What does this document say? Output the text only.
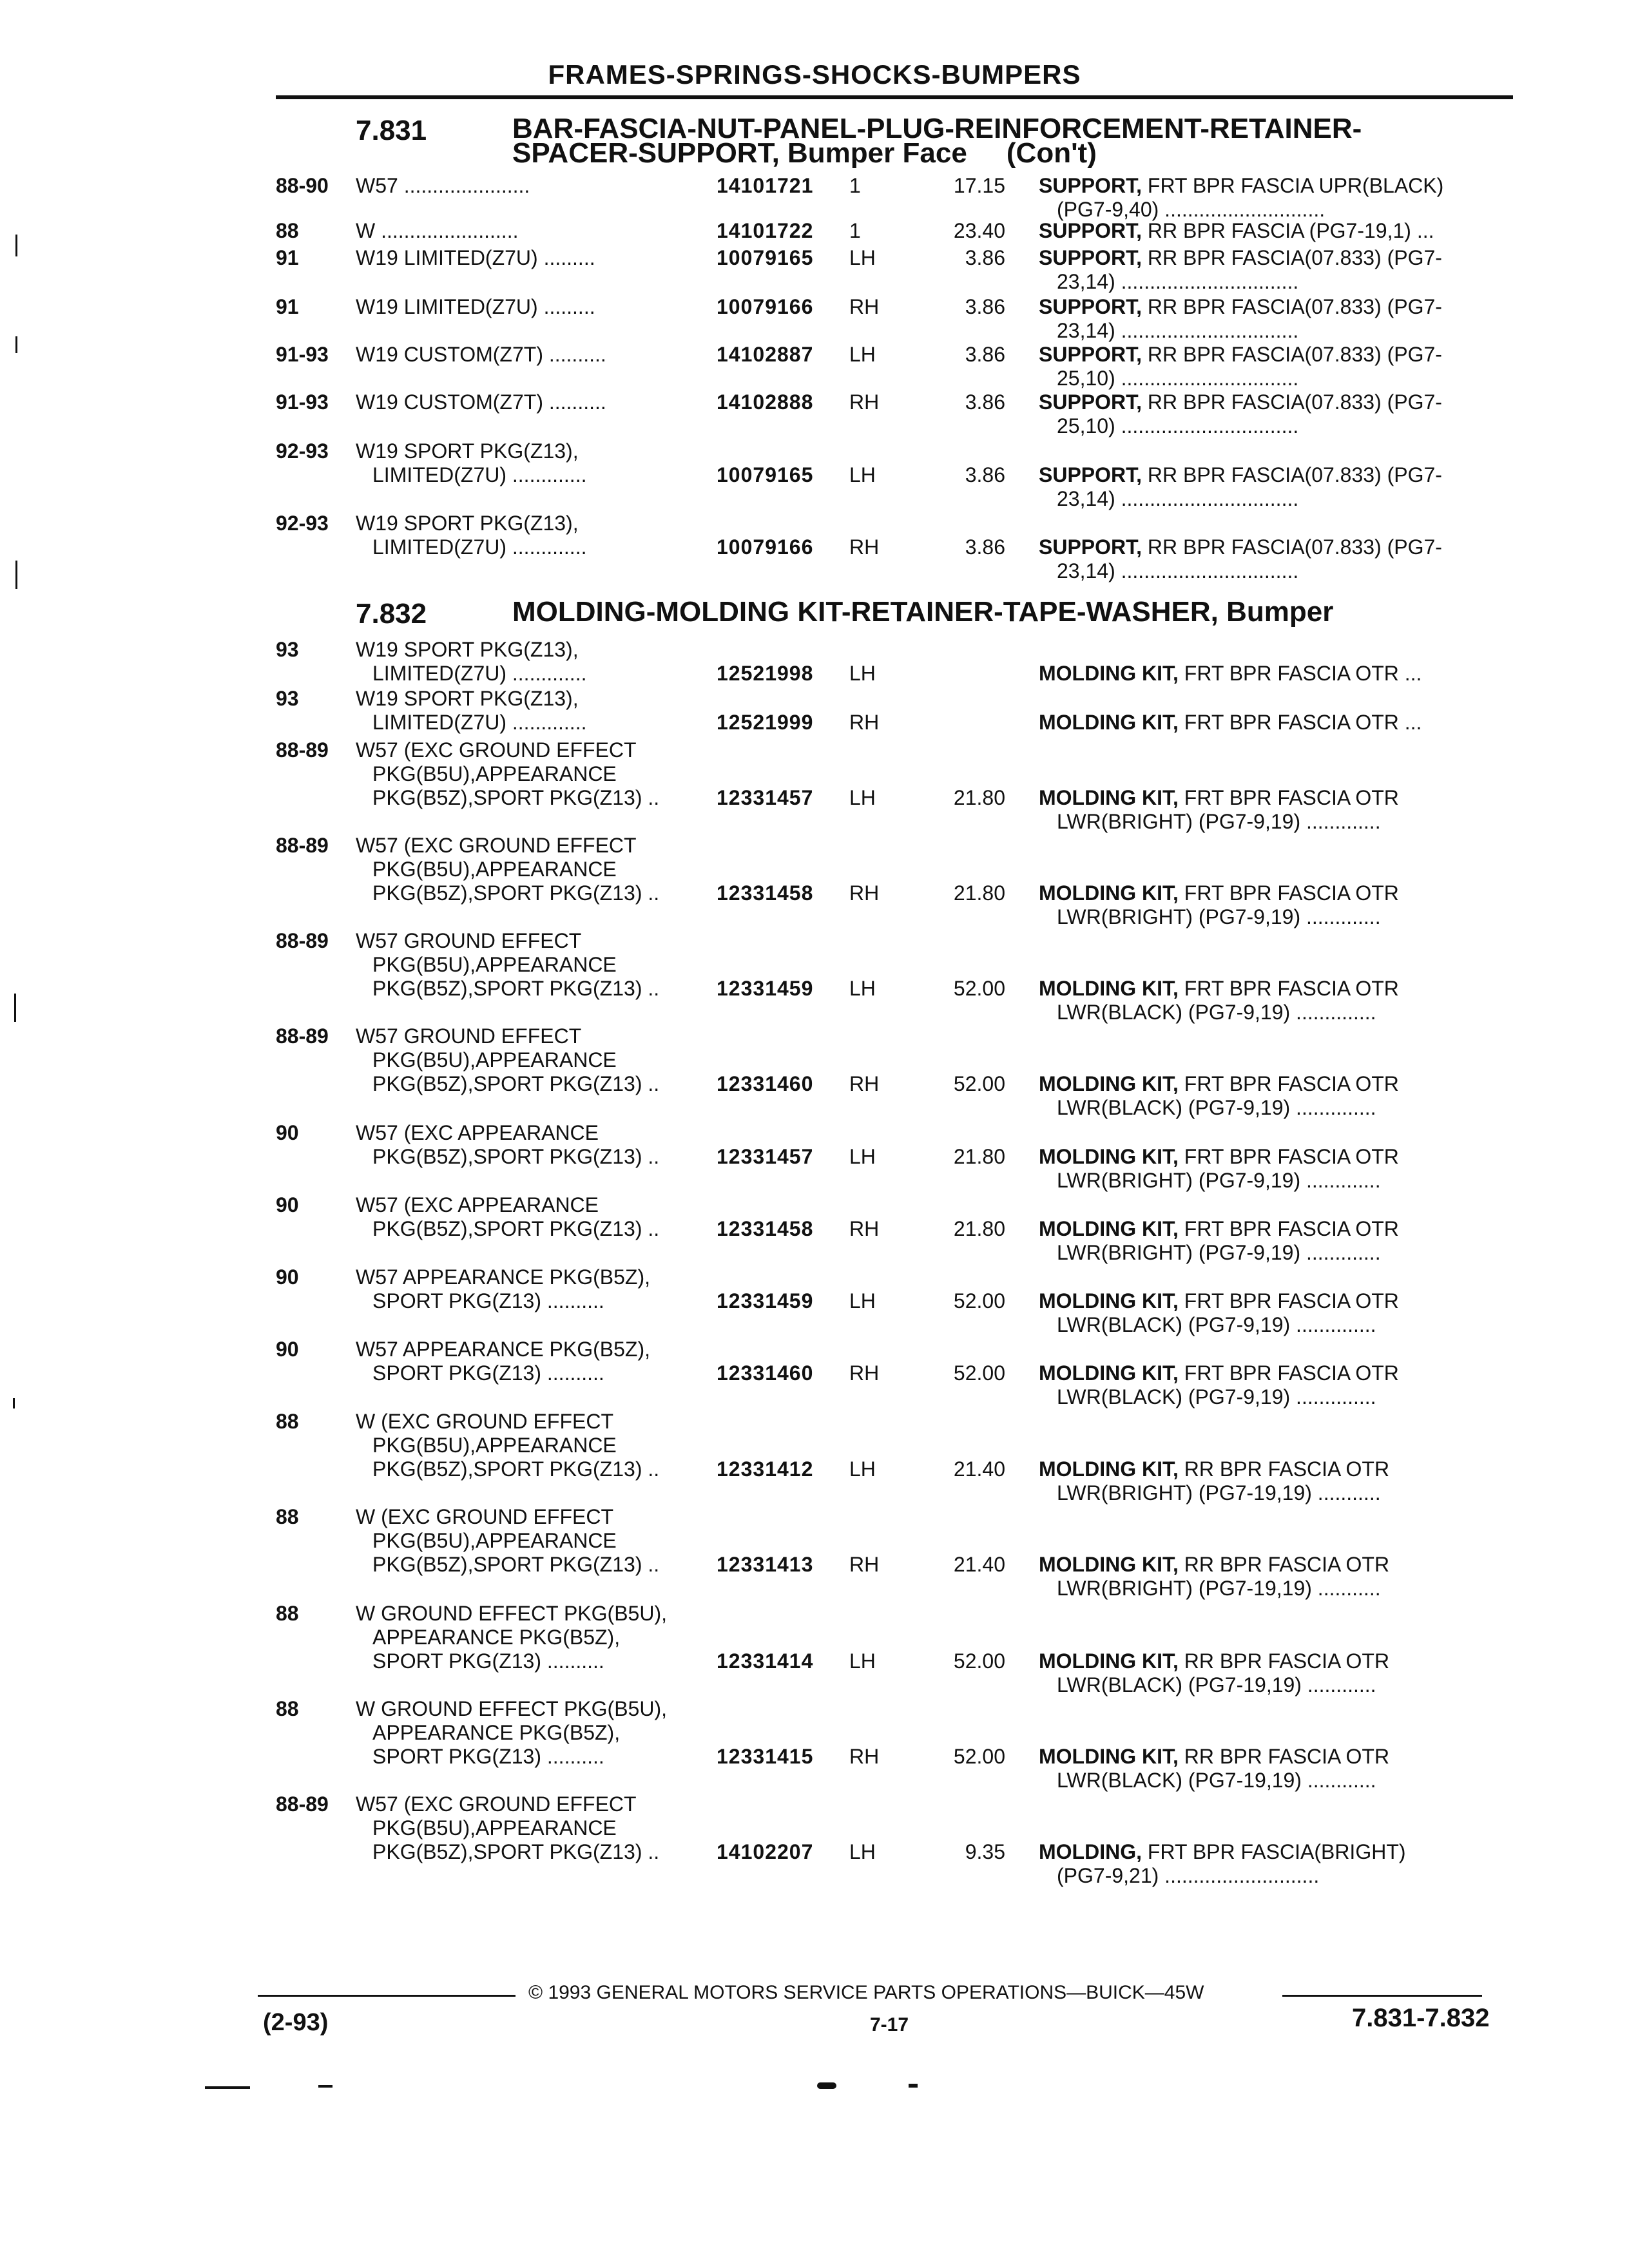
FRAMES-SPRINGS-SHOCKS-BUMPERS
7.831	BAR-FASCIA-NUT-PANEL-PLUG-REINFORCEMENT-RETAINER-
SPACER-SUPPORT, Bumper Face     (Con't)
7.832	MOLDING-MOLDING KIT-RETAINER-TAPE-WASHER, Bumper
88-90 W57 ......................	14101721 1	17.15 SUPPORT, FRT BPR FASCIA UPR(BLACK)
(PG7-9,40) ............................
88	W ........................	14101722 1	23.40 SUPPORT, RR BPR FASCIA (PG7-19,1) ...
91	W19 LIMITED(Z7U) .........	10079165 LH	3.86 SUPPORT, RR BPR FASCIA(07.833) (PG7-
23,14) ...............................
91	W19 LIMITED(Z7U) .........	10079166 RH	3.86 SUPPORT, RR BPR FASCIA(07.833) (PG7-
23,14) ...............................
91-93 W19 CUSTOM(Z7T) ..........	14102887 LH	3.86 SUPPORT, RR BPR FASCIA(07.833) (PG7-
25,10) ...............................
91-93 W19 CUSTOM(Z7T) ..........	14102888 RH	3.86 SUPPORT, RR BPR FASCIA(07.833) (PG7-
25,10) ...............................
92-93 W19 SPORT PKG(Z13),
LIMITED(Z7U) .............	10079165 LH	3.86 SUPPORT, RR BPR FASCIA(07.833) (PG7-
23,14) ...............................
92-93 W19 SPORT PKG(Z13),
LIMITED(Z7U) .............	10079166 RH	3.86 SUPPORT, RR BPR FASCIA(07.833) (PG7-
23,14) ...............................
93	W19 SPORT PKG(Z13),
LIMITED(Z7U) .............	12521998 LH	MOLDING KIT, FRT BPR FASCIA OTR ...
93	W19 SPORT PKG(Z13),
LIMITED(Z7U) .............	12521999 RH	MOLDING KIT, FRT BPR FASCIA OTR ...
88-89 W57 (EXC GROUND EFFECT
PKG(B5U),APPEARANCE
PKG(B5Z),SPORT PKG(Z13) ..	12331457 LH	21.80 MOLDING KIT, FRT BPR FASCIA OTR
LWR(BRIGHT) (PG7-9,19) .............
88-89 W57 (EXC GROUND EFFECT
PKG(B5U),APPEARANCE
PKG(B5Z),SPORT PKG(Z13) ..	12331458 RH	21.80 MOLDING KIT, FRT BPR FASCIA OTR
LWR(BRIGHT) (PG7-9,19) .............
88-89 W57 GROUND EFFECT
PKG(B5U),APPEARANCE
PKG(B5Z),SPORT PKG(Z13) ..	12331459 LH	52.00 MOLDING KIT, FRT BPR FASCIA OTR
LWR(BLACK) (PG7-9,19) ..............
88-89 W57 GROUND EFFECT
PKG(B5U),APPEARANCE
PKG(B5Z),SPORT PKG(Z13) ..	12331460 RH	52.00 MOLDING KIT, FRT BPR FASCIA OTR
LWR(BLACK) (PG7-9,19) ..............
90	W57 (EXC APPEARANCE
PKG(B5Z),SPORT PKG(Z13) ..	12331457 LH	21.80 MOLDING KIT, FRT BPR FASCIA OTR
LWR(BRIGHT) (PG7-9,19) .............
90	W57 (EXC APPEARANCE
PKG(B5Z),SPORT PKG(Z13) ..	12331458 RH	21.80 MOLDING KIT, FRT BPR FASCIA OTR
LWR(BRIGHT) (PG7-9,19) .............
90	W57 APPEARANCE PKG(B5Z),
SPORT PKG(Z13) ..........	12331459 LH	52.00 MOLDING KIT, FRT BPR FASCIA OTR
LWR(BLACK) (PG7-9,19) ..............
90	W57 APPEARANCE PKG(B5Z),
SPORT PKG(Z13) ..........	12331460 RH	52.00 MOLDING KIT, FRT BPR FASCIA OTR
LWR(BLACK) (PG7-9,19) ..............
88	W (EXC GROUND EFFECT
PKG(B5U),APPEARANCE
PKG(B5Z),SPORT PKG(Z13) ..	12331412 LH	21.40 MOLDING KIT, RR BPR FASCIA OTR
LWR(BRIGHT) (PG7-19,19) ...........
88	W (EXC GROUND EFFECT
PKG(B5U),APPEARANCE
PKG(B5Z),SPORT PKG(Z13) ..	12331413 RH	21.40 MOLDING KIT, RR BPR FASCIA OTR
LWR(BRIGHT) (PG7-19,19) ...........
88	W GROUND EFFECT PKG(B5U),
APPEARANCE PKG(B5Z),
SPORT PKG(Z13) ..........	12331414 LH	52.00 MOLDING KIT, RR BPR FASCIA OTR
LWR(BLACK) (PG7-19,19) ............
88	W GROUND EFFECT PKG(B5U),
APPEARANCE PKG(B5Z),
SPORT PKG(Z13) ..........	12331415 RH	52.00 MOLDING KIT, RR BPR FASCIA OTR
LWR(BLACK) (PG7-19,19) ............
88-89 W57 (EXC GROUND EFFECT
PKG(B5U),APPEARANCE
PKG(B5Z),SPORT PKG(Z13) ..	14102207 LH	9.35 MOLDING, FRT BPR FASCIA(BRIGHT)
(PG7-9,21) ...........................
© 1993 GENERAL MOTORS SERVICE PARTS OPERATIONS—BUICK—45W
(2-93)	7-17	7.831-7.832
